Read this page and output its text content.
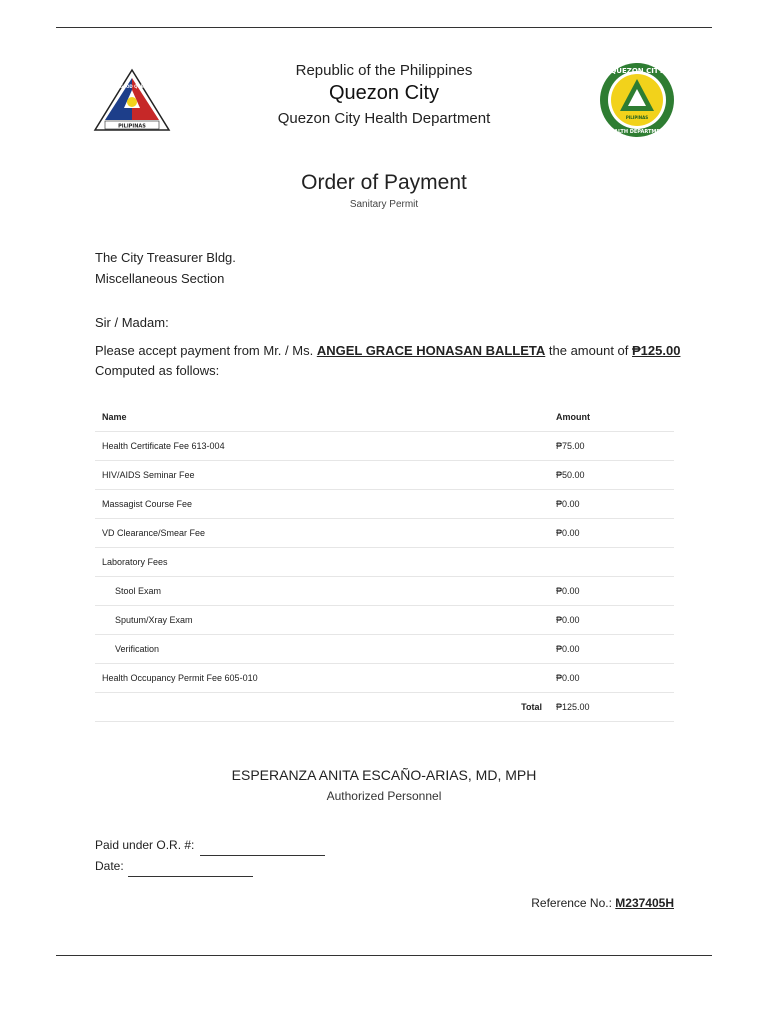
PILIPINAS
LUNGSOD QUEZON
Republic of the Philippines
Quezon City
Quezon City Health Department
QUEZON CITY
HEALTH DEPARTMENT
PILIPINAS
Order of Payment
Sanitary Permit
The City Treasurer Bldg.
Miscellaneous Section
Sir / Madam:
Please accept payment from Mr. / Ms. ANGEL GRACE HONASAN BALLETA the amount of ₱125.00
Computed as follows:
Name	Amount
Health Certificate Fee 613-004	₱75.00
HIV/AIDS Seminar Fee	₱50.00
Massagist Course Fee	₱0.00
VD Clearance/Smear Fee	₱0.00
Laboratory Fees	
Stool Exam	₱0.00
Sputum/Xray Exam	₱0.00
Verification	₱0.00
Health Occupancy Permit Fee 605-010	₱0.00
Total	₱125.00
ESPERANZA ANITA ESCAÑO-ARIAS, MD, MPH
Authorized Personnel
Paid under O.R. #:
Date:
Reference No.: M237405H
